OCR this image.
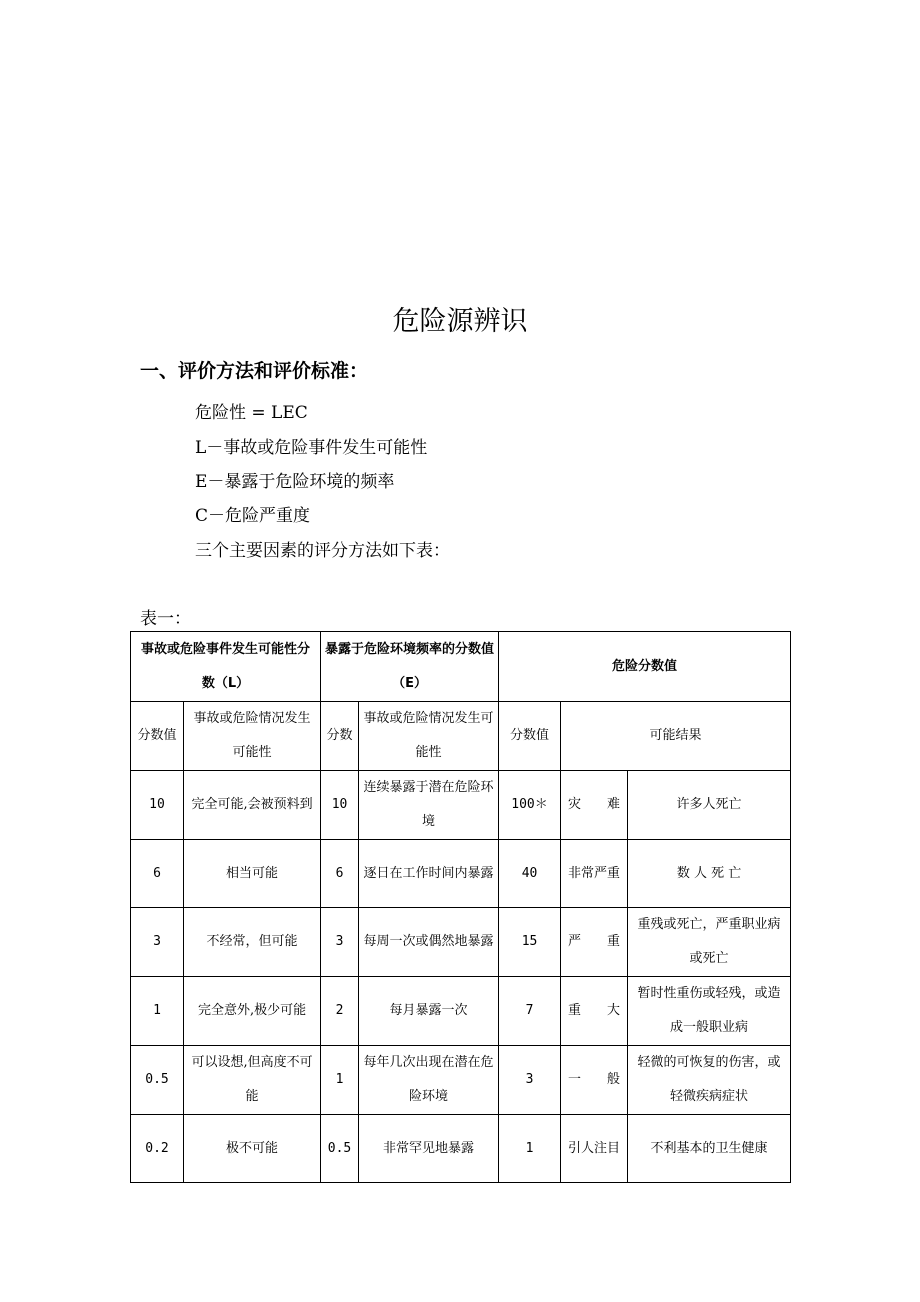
危险源辨识
一、评价方法和评价标准：
危险性 = LEC
L－事故或危险事件发生可能性
E－暴露于危险环境的频率
C－危险严重度
三个主要因素的评分方法如下表：
表一：
事故或危险事件发生可能性分数（L）		暴露于危险环境频率的分数值（E）		危险分数值		
分数值	事故或危险情况发生可能性	分数	事故或危险情况发生可能性	分数值	可能结果	
10	完全可能,会被预料到	10	连续暴露于潜在危险环境	100＊	灾　　难	许多人死亡
6	相当可能	6	逐日在工作时间内暴露	40	非常严重	数 人 死 亡
3	不经常，但可能	3	每周一次或偶然地暴露	15	严　　重	重残或死亡，严重职业病或死亡
1	完全意外,极少可能	2	每月暴露一次	7	重　　大	暂时性重伤或轻残，或造成一般职业病
0.5	可以设想,但高度不可能	1	每年几次出现在潜在危险环境	3	一　　般	轻微的可恢复的伤害，或轻微疾病症状
0.2	极不可能	0.5	非常罕见地暴露	1	引人注目	不利基本的卫生健康
